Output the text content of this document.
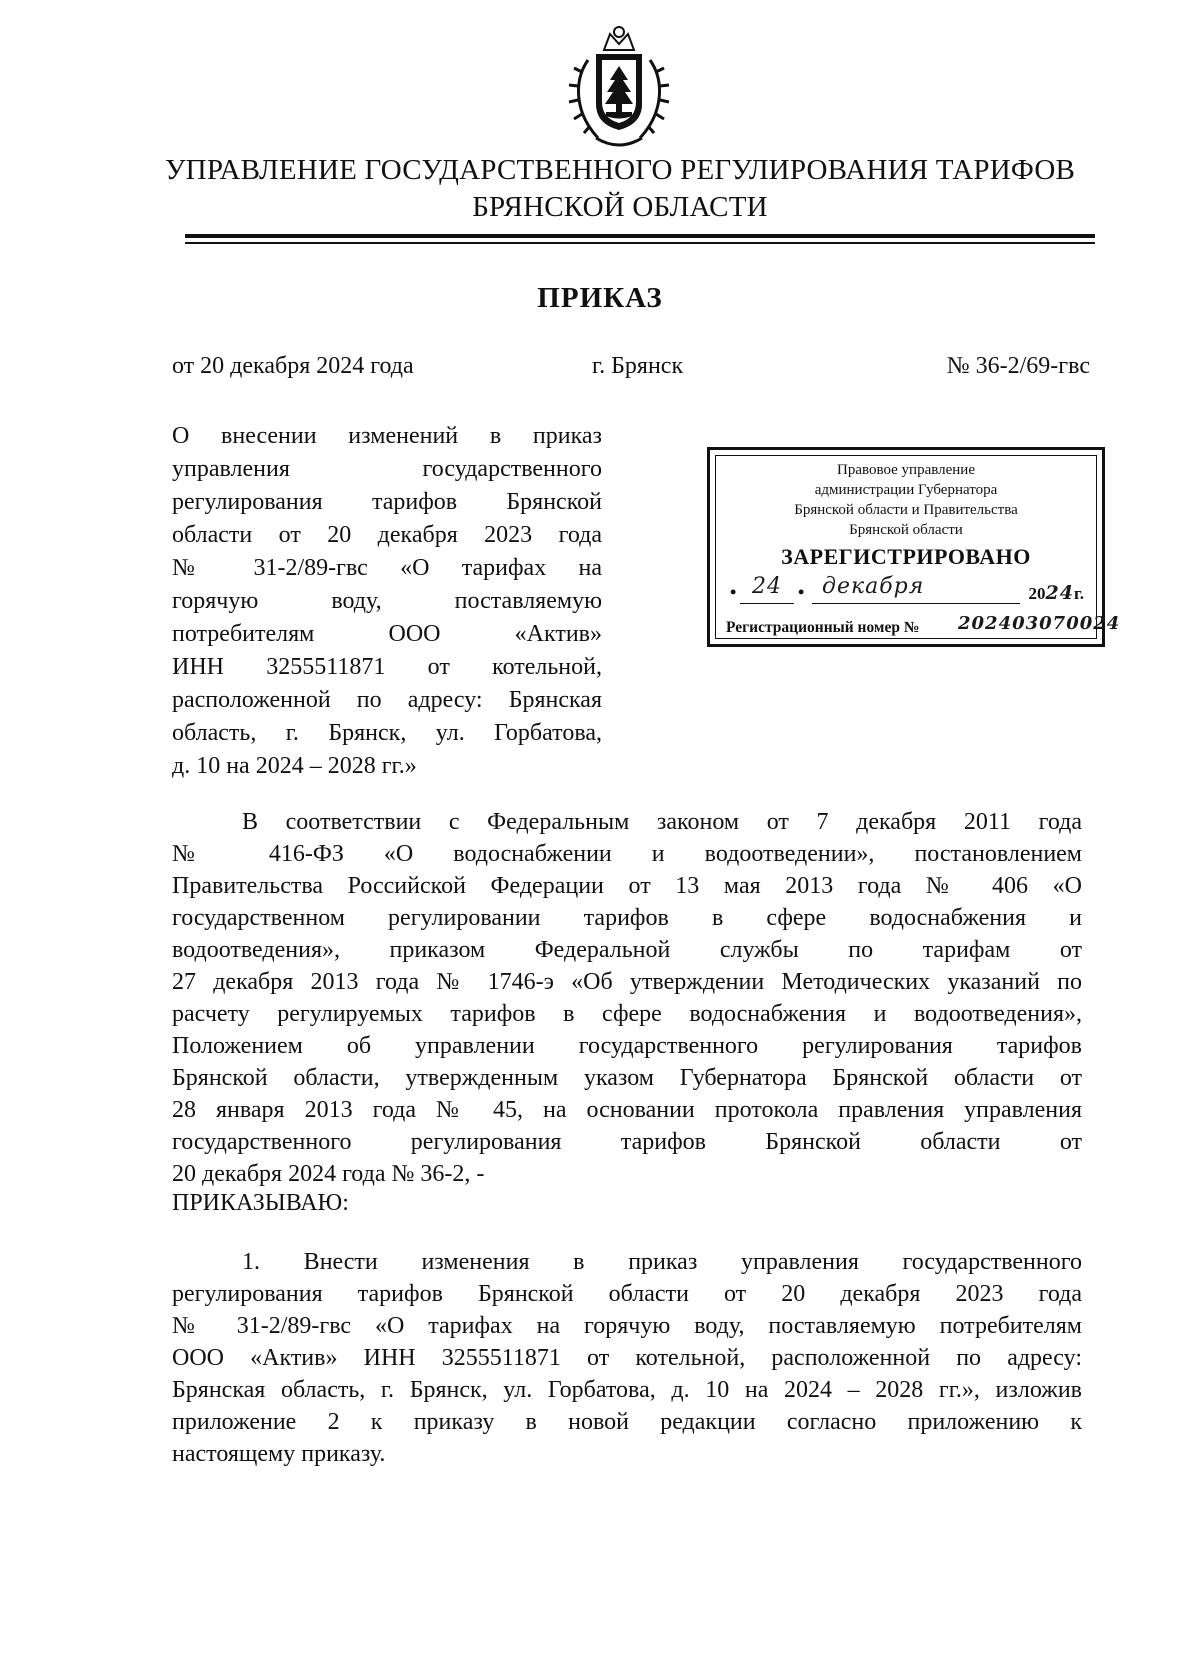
УПРАВЛЕНИЕ ГОСУДАРСТВЕННОГО РЕГУЛИРОВАНИЯ ТАРИФОВ
БРЯНСКОЙ ОБЛАСТИ
ПРИКАЗ
от 20 декабря 2024 года	г. Брянск	№ 36-2/69-гвс
О внесении изменений в приказ
управления государственного
регулирования тарифов Брянской
области от 20 декабря 2023 года
№ 31-2/89-гвс «О тарифах на
горячую воду, поставляемую
потребителям ООО «Актив»
ИНН 3255511871 от котельной,
расположенной по адресу: Брянская
область, г. Брянск, ул. Горбатова,
д. 10 на 2024 – 2028 гг.»
Правовое управление
администрации Губернатора
Брянской области и Правительства
Брянской области
ЗАРЕГИСТРИРОВАНО
• 24 • декабря	2024г.
Регистрационный номер № 202403070024
В соответствии с Федеральным законом от 7 декабря 2011 года
№ 416-ФЗ «О водоснабжении и водоотведении», постановлением
Правительства Российской Федерации от 13 мая 2013 года № 406 «О
государственном регулировании тарифов в сфере водоснабжения и
водоотведения», приказом Федеральной службы по тарифам от
27 декабря 2013 года № 1746-э «Об утверждении Методических указаний по
расчету регулируемых тарифов в сфере водоснабжения и водоотведения»,
Положением об управлении государственного регулирования тарифов
Брянской области, утвержденным указом Губернатора Брянской области от
28 января 2013 года № 45, на основании протокола правления управления
государственного регулирования тарифов Брянской области от
20 декабря 2024 года № 36-2, -
ПРИКАЗЫВАЮ:
1. Внести изменения в приказ управления государственного
регулирования тарифов Брянской области от 20 декабря 2023 года
№ 31-2/89-гвс «О тарифах на горячую воду, поставляемую потребителям
ООО «Актив» ИНН 3255511871 от котельной, расположенной по адресу:
Брянская область, г. Брянск, ул. Горбатова, д. 10 на 2024 – 2028 гг.», изложив
приложение 2 к приказу в новой редакции согласно приложению к
настоящему приказу.
